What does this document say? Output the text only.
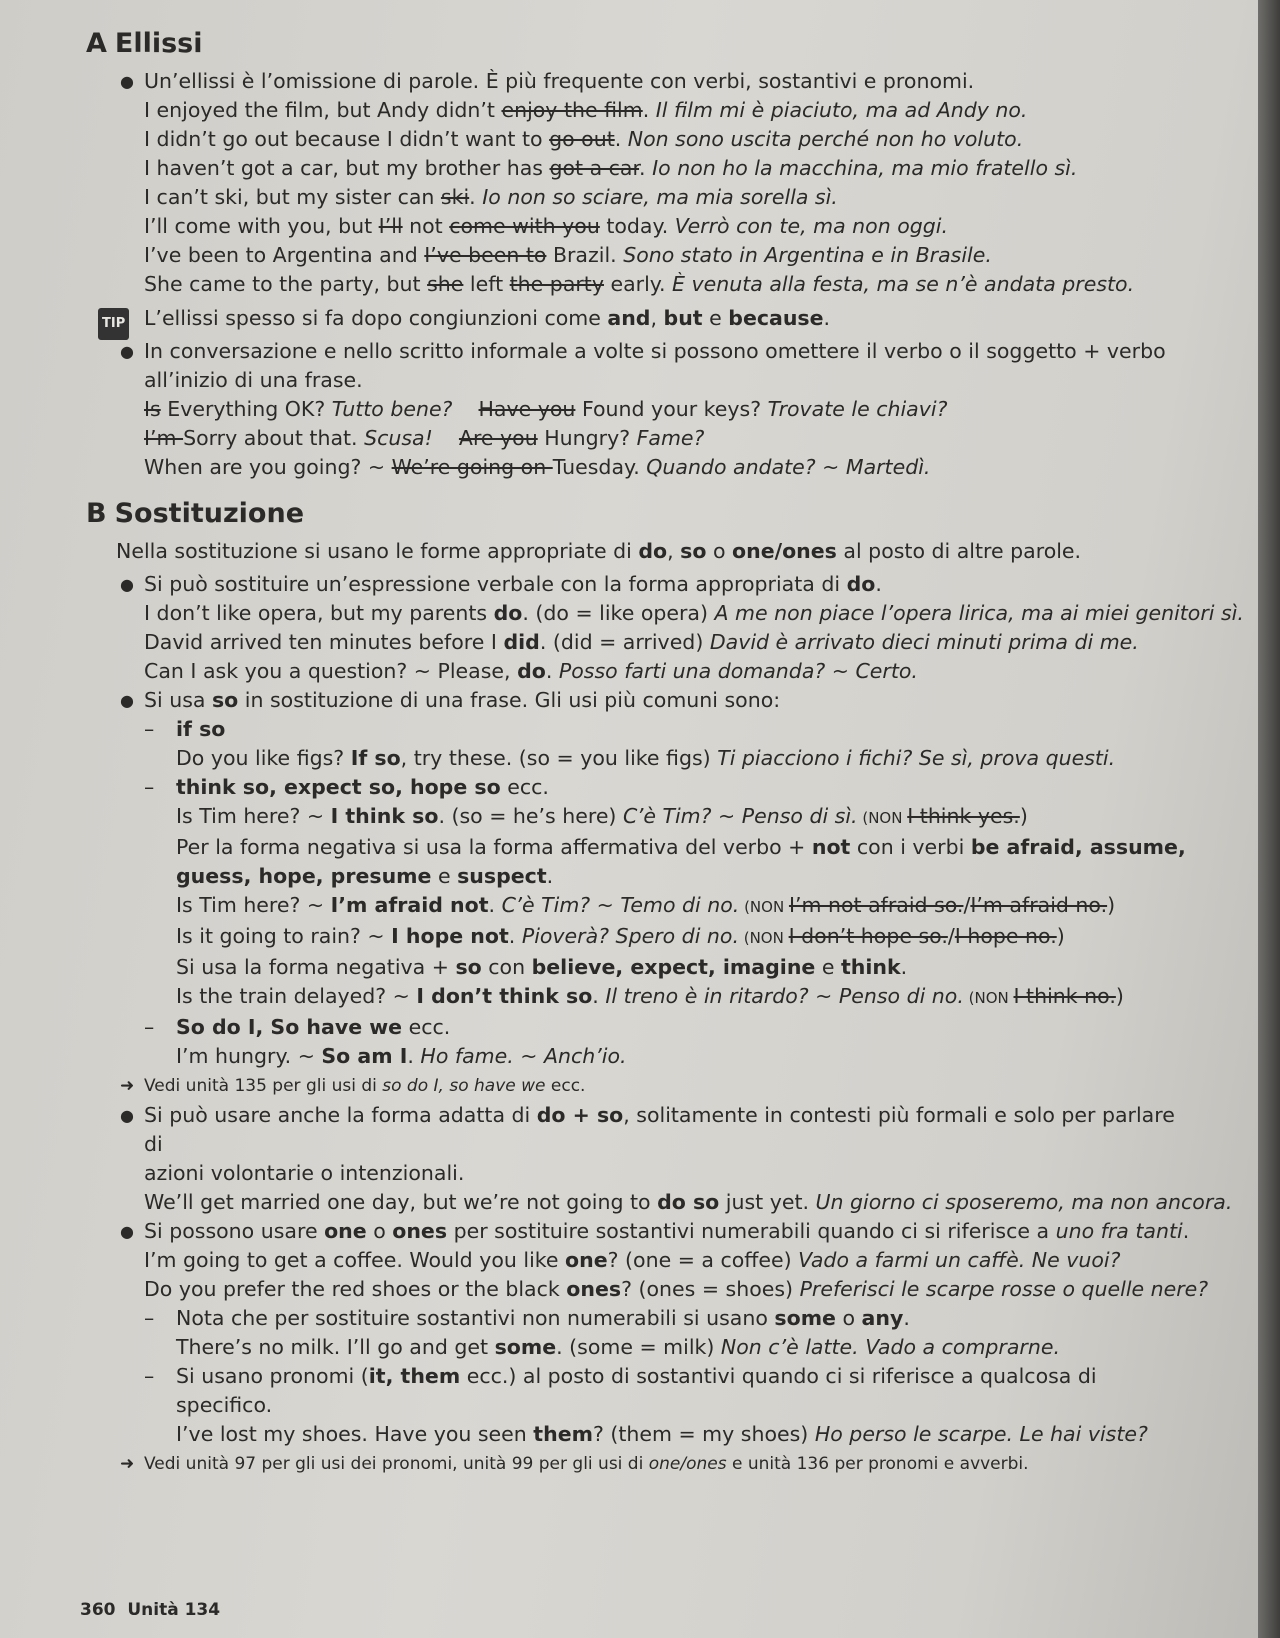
A Ellissi
● Un’ellissi è l’omissione di parole. È più frequente con verbi, sostantivi e pronomi.
I enjoyed the film, but Andy didn’t enjoy the film. Il film mi è piaciuto, ma ad Andy no.
I didn’t go out because I didn’t want to go out. Non sono uscita perché non ho voluto.
I haven’t got a car, but my brother has got a car. Io non ho la macchina, ma mio fratello sì.
I can’t ski, but my sister can ski. Io non so sciare, ma mia sorella sì.
I’ll come with you, but I’ll not come with you today. Verrò con te, ma non oggi.
I’ve been to Argentina and I’ve been to Brazil. Sono stato in Argentina e in Brasile.
She came to the party, but she left the party early. È venuta alla festa, ma se n’è andata presto.
TIP L’ellissi spesso si fa dopo congiunzioni come and, but e because.
● In conversazione e nello scritto informale a volte si possono omettere il verbo o il soggetto + verbo
all’inizio di una frase.
Is Everything OK? Tutto bene? Have you Found your keys? Trovate le chiavi?
I’m Sorry about that. Scusa! Are you Hungry? Fame?
When are you going? ~ We’re going on Tuesday. Quando andate? ~ Martedì.
B Sostituzione
Nella sostituzione si usano le forme appropriate di do, so o one/ones al posto di altre parole.
● Si può sostituire un’espressione verbale con la forma appropriata di do.
I don’t like opera, but my parents do. (do = like opera) A me non piace l’opera lirica, ma ai miei genitori sì.
David arrived ten minutes before I did. (did = arrived) David è arrivato dieci minuti prima di me.
Can I ask you a question? ~ Please, do. Posso farti una domanda? ~ Certo.
● Si usa so in sostituzione di una frase. Gli usi più comuni sono:
– if so
Do you like figs? If so, try these. (so = you like figs) Ti piacciono i fichi? Se sì, prova questi.
– think so, expect so, hope so ecc.
Is Tim here? ~ I think so. (so = he’s here) C’è Tim? ~ Penso di sì. (NON I think yes.)
Per la forma negativa si usa la forma affermativa del verbo + not con i verbi be afraid, assume,
guess, hope, presume e suspect.
Is Tim here? ~ I’m afraid not. C’è Tim? ~ Temo di no. (NON I’m not afraid so./I’m afraid no.)
Is it going to rain? ~ I hope not. Pioverà? Spero di no. (NON I don’t hope so./I hope no.)
Si usa la forma negativa + so con believe, expect, imagine e think.
Is the train delayed? ~ I don’t think so. Il treno è in ritardo? ~ Penso di no. (NON I think no.)
– So do I, So have we ecc.
I’m hungry. ~ So am I. Ho fame. ~ Anch’io.
➜ Vedi unità 135 per gli usi di so do I, so have we ecc.
● Si può usare anche la forma adatta di do + so, solitamente in contesti più formali e solo per parlare di
azioni volontarie o intenzionali.
We’ll get married one day, but we’re not going to do so just yet. Un giorno ci sposeremo, ma non ancora.
● Si possono usare one o ones per sostituire sostantivi numerabili quando ci si riferisce a uno fra tanti.
I’m going to get a coffee. Would you like one? (one = a coffee) Vado a farmi un caffè. Ne vuoi?
Do you prefer the red shoes or the black ones? (ones = shoes) Preferisci le scarpe rosse o quelle nere?
– Nota che per sostituire sostantivi non numerabili si usano some o any.
There’s no milk. I’ll go and get some. (some = milk) Non c’è latte. Vado a comprarne.
– Si usano pronomi (it, them ecc.) al posto di sostantivi quando ci si riferisce a qualcosa di specifico.
I’ve lost my shoes. Have you seen them? (them = my shoes) Ho perso le scarpe. Le hai viste?
➜ Vedi unità 97 per gli usi dei pronomi, unità 99 per gli usi di one/ones e unità 136 per pronomi e avverbi.
360 Unità 134
